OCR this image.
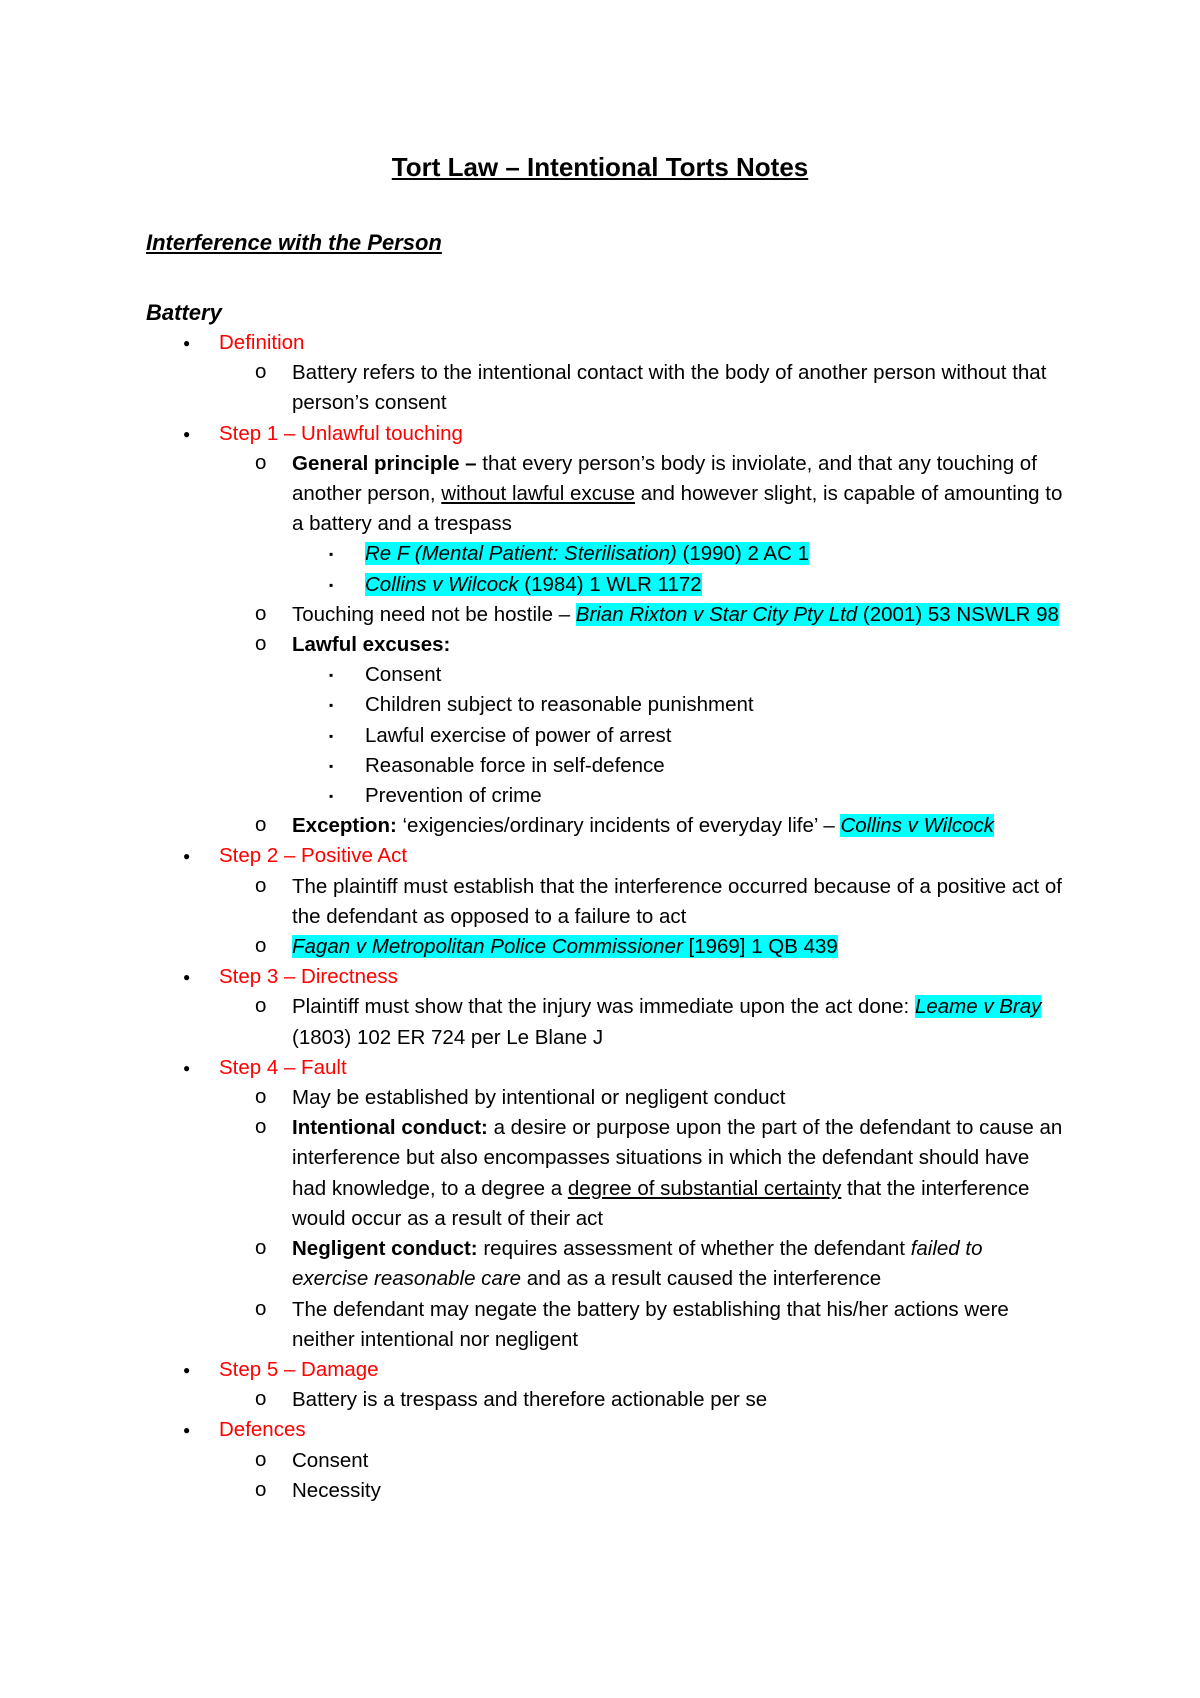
Tort Law – Intentional Torts Notes
Interference with the Person
Battery
● Definition
o Battery refers to the intentional contact with the body of another person without that person’s consent
● Step 1 – Unlawful touching
o General principle – that every person’s body is inviolate, and that any touching of another person, without lawful excuse and however slight, is capable of amounting to a battery and a trespass
▪ Re F (Mental Patient: Sterilisation) (1990) 2 AC 1
▪ Collins v Wilcock (1984) 1 WLR 1172
o Touching need not be hostile – Brian Rixton v Star City Pty Ltd (2001) 53 NSWLR 98
o Lawful excuses:
▪ Consent
▪ Children subject to reasonable punishment
▪ Lawful exercise of power of arrest
▪ Reasonable force in self-defence
▪ Prevention of crime
o Exception: ‘exigencies/ordinary incidents of everyday life’ – Collins v Wilcock
● Step 2 – Positive Act
o The plaintiff must establish that the interference occurred because of a positive act of the defendant as opposed to a failure to act
o Fagan v Metropolitan Police Commissioner [1969] 1 QB 439
● Step 3 – Directness
o Plaintiff must show that the injury was immediate upon the act done: Leame v Bray (1803) 102 ER 724 per Le Blane J
● Step 4 – Fault
o May be established by intentional or negligent conduct
o Intentional conduct: a desire or purpose upon the part of the defendant to cause an interference but also encompasses situations in which the defendant should have had knowledge, to a degree a degree of substantial certainty that the interference would occur as a result of their act
o Negligent conduct: requires assessment of whether the defendant failed to exercise reasonable care and as a result caused the interference
o The defendant may negate the battery by establishing that his/her actions were neither intentional nor negligent
● Step 5 – Damage
o Battery is a trespass and therefore actionable per se
● Defences
o Consent
o Necessity
